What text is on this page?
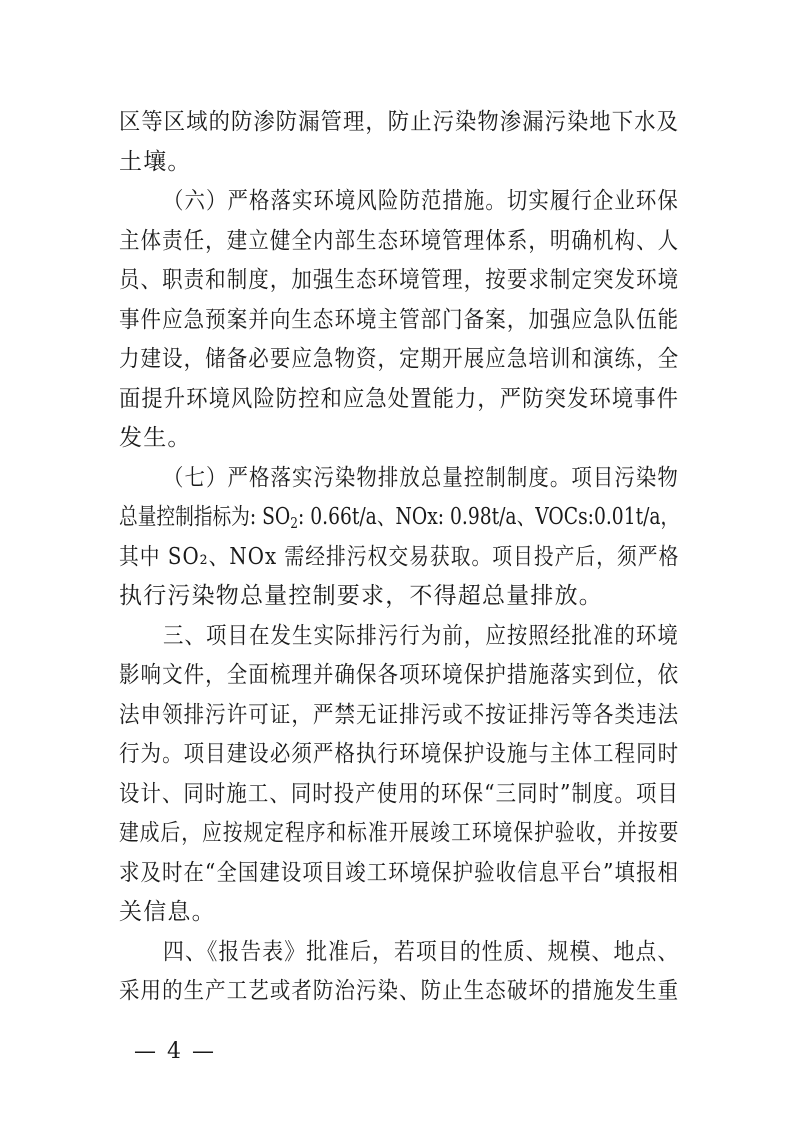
区等区域的防渗防漏管理，防止污染物渗漏污染地下水及
土壤。
（六）严格落实环境风险防范措施。切实履行企业环保
主体责任，建立健全内部生态环境管理体系，明确机构、人
员、职责和制度，加强生态环境管理，按要求制定突发环境
事件应急预案并向生态环境主管部门备案，加强应急队伍能
力建设，储备必要应急物资，定期开展应急培训和演练，全
面提升环境风险防控和应急处置能力，严防突发环境事件
发生。
（七）严格落实污染物排放总量控制制度。项目污染物
总量控制指标为: $SO_2$: 0.66t/a、NOx: 0.98t/a、VOCs:0.01t/a，
其中 SO₂、NOx 需经排污权交易获取。项目投产后，须严格
执行污染物总量控制要求，不得超总量排放。
三、项目在发生实际排污行为前，应按照经批准的环境
影响文件，全面梳理并确保各项环境保护措施落实到位，依
法申领排污许可证，严禁无证排污或不按证排污等各类违法
行为。项目建设必须严格执行环境保护设施与主体工程同时
设计、同时施工、同时投产使用的环保“三同时”制度。项目
建成后，应按规定程序和标准开展竣工环境保护验收，并按要
求及时在“全国建设项目竣工环境保护验收信息平台”填报相
关信息。
四、《报告表》批准后，若项目的性质、规模、地点、
采用的生产工艺或者防治污染、防止生态破坏的措施发生重
— 4 —
